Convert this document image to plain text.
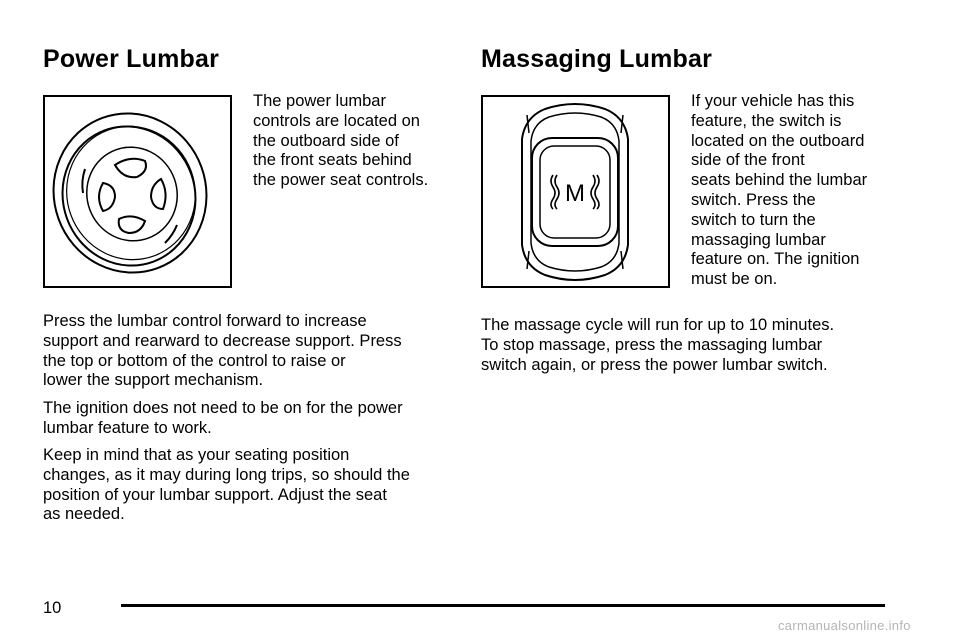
Power Lumbar

The power lumbar
controls are located on
the outboard side of
the front seats behind
the power seat controls.

Press the lumbar control forward to increase
support and rearward to decrease support. Press
the top or bottom of the control to raise or
lower the support mechanism.

The ignition does not need to be on for the power
lumbar feature to work.

Keep in mind that as your seating position
changes, as it may during long trips, so should the
position of your lumbar support. Adjust the seat
as needed.

Massaging Lumbar
M

If your vehicle has this
feature, the switch is
located on the outboard
side of the front
seats behind the lumbar
switch. Press the
switch to turn the
massaging lumbar
feature on. The ignition
must be on.

The massage cycle will run for up to 10 minutes.
To stop massage, press the massaging lumbar
switch again, or press the power lumbar switch.

10

carmanualsonline.info
